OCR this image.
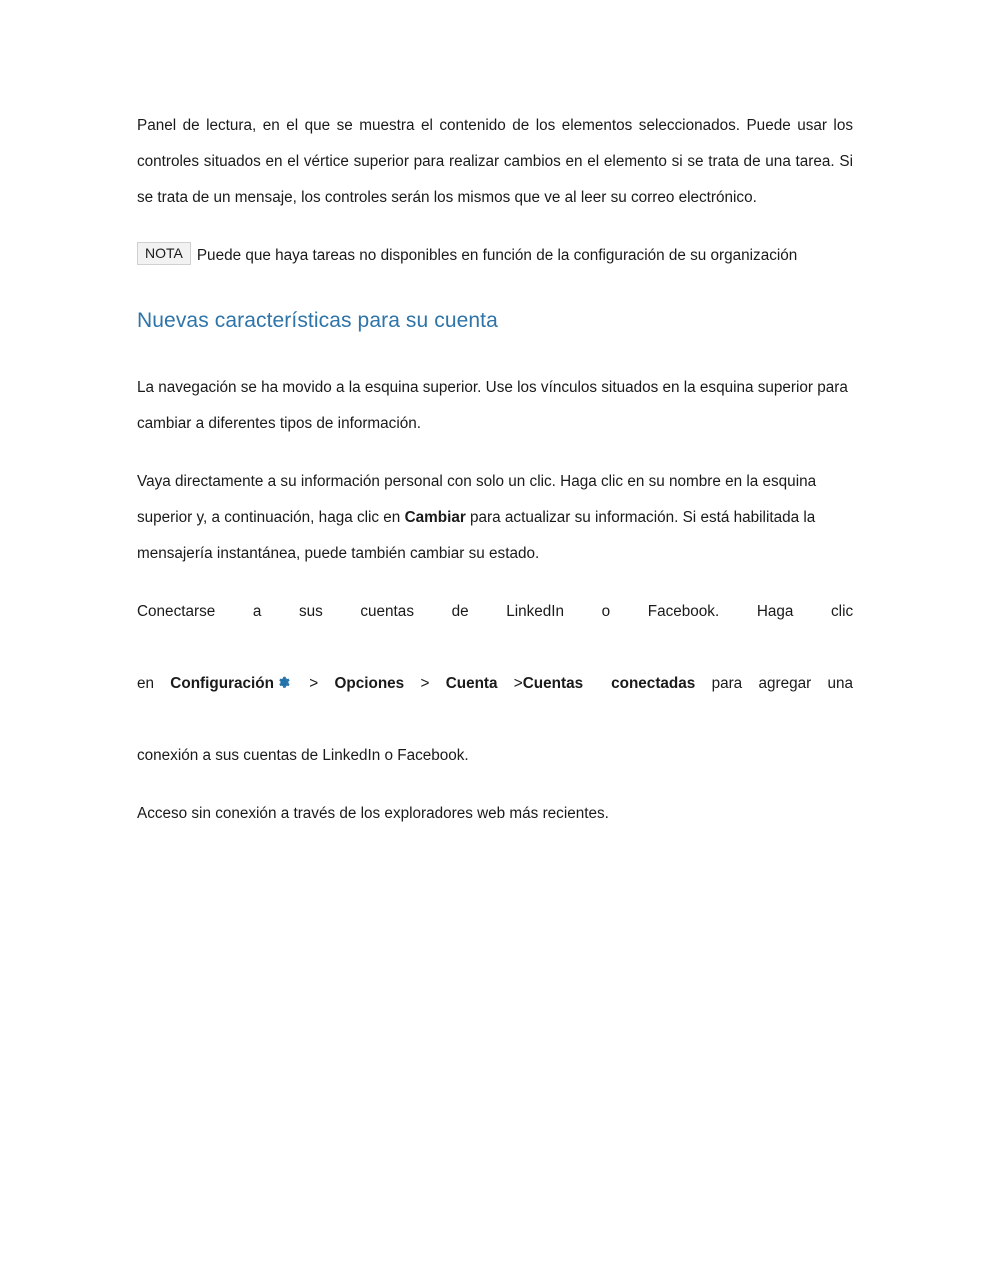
Panel de lectura, en el que se muestra el contenido de los elementos seleccionados. Puede usar los controles situados en el vértice superior para realizar cambios en el elemento si se trata de una tarea. Si se trata de un mensaje, los controles serán los mismos que ve al leer su correo electrónico.

NOTA Puede que haya tareas no disponibles en función de la configuración de su organización

Nuevas características para su cuenta

La navegación se ha movido a la esquina superior. Use los vínculos situados en la esquina superior para cambiar a diferentes tipos de información.

Vaya directamente a su información personal con solo un clic. Haga clic en su nombre en la esquina superior y, a continuación, haga clic en Cambiar para actualizar su información. Si está habilitada la mensajería instantánea, puede también cambiar su estado.

Conectarse a sus cuentas de LinkedIn o Facebook. Haga clic
en Configuración > Opciones > Cuenta >Cuentas conectadas para agregar una
conexión a sus cuentas de LinkedIn o Facebook.

Acceso sin conexión a través de los exploradores web más recientes.
